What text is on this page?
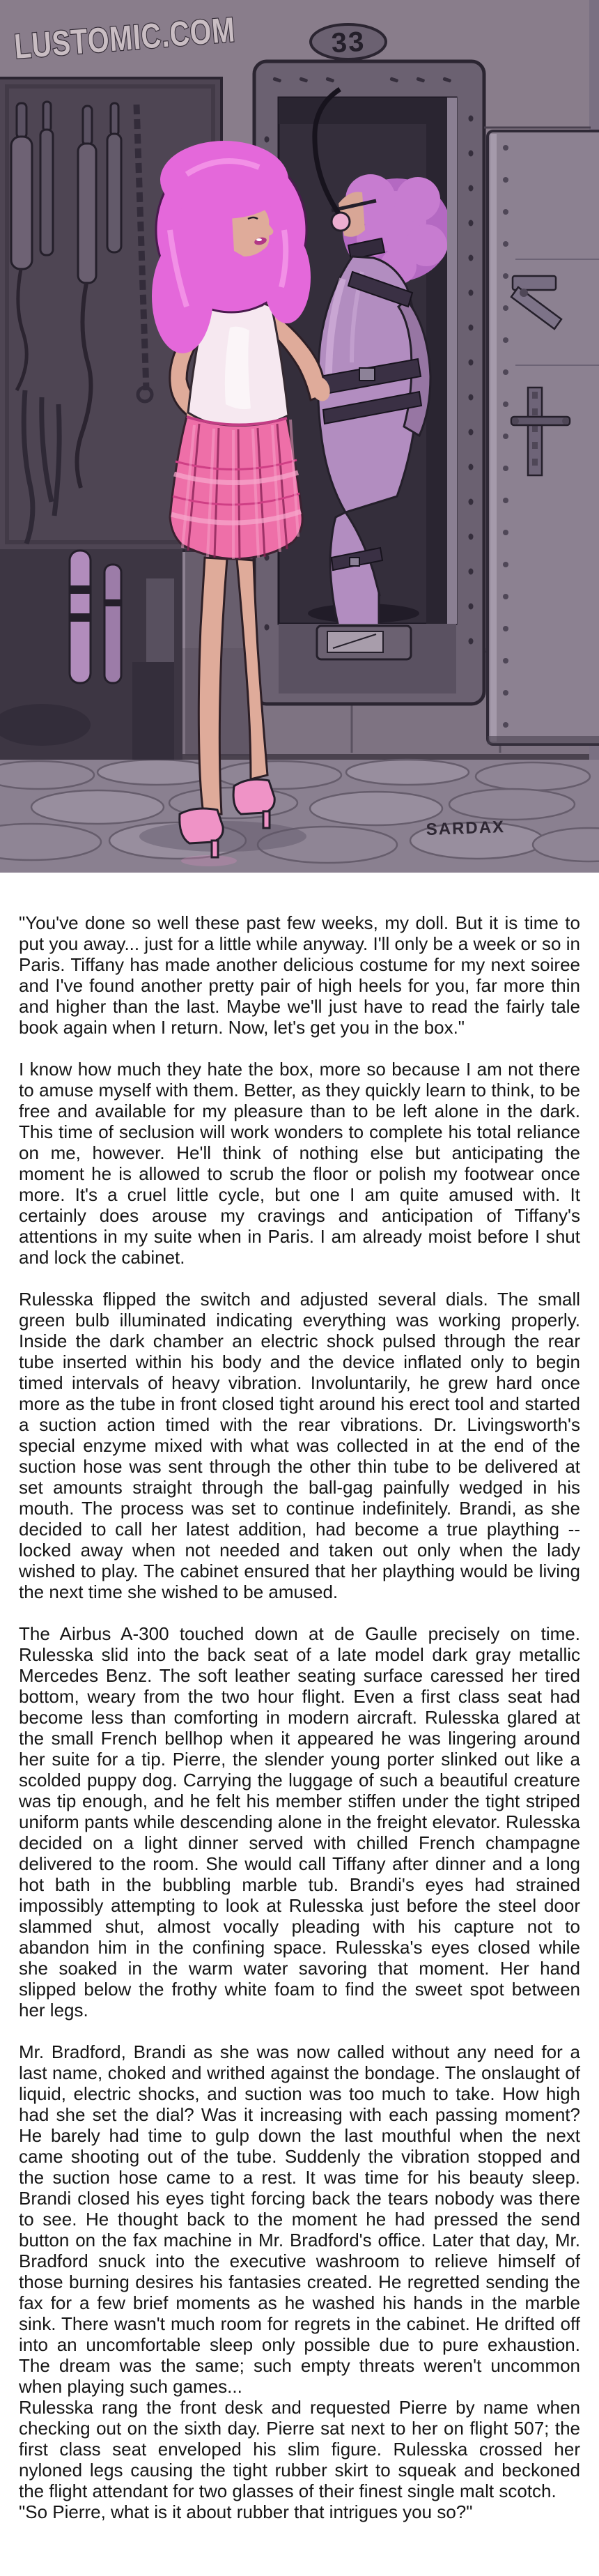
SARDAX
33
LUSTOMIC.COM

"You've done so well these past few weeks, my doll. But it is time to put you away... just for a little while anyway. I'll only be a week or so in Paris. Tiffany has made another delicious costume for my next soiree and I've found another pretty pair of high heels for you, far more thin and higher than the last. Maybe we'll just have to read the fairly tale book again when I return. Now, let's get you in the box."

I know how much they hate the box, more so because I am not there to amuse myself with them. Better, as they quickly learn to think, to be free and available for my pleasure than to be left alone in the dark. This time of seclusion will work wonders to complete his total reliance on me, however. He'll think of nothing else but anticipating the moment he is allowed to scrub the floor or polish my footwear once more. It's a cruel little cycle, but one I am quite amused with. It certainly does arouse my cravings and anticipation of Tiffany's attentions in my suite when in Paris. I am already moist before I shut and lock the cabinet.

Rulesska flipped the switch and adjusted several dials. The small green bulb illuminated indicating everything was working properly. Inside the dark chamber an electric shock pulsed through the rear tube inserted within his body and the device inflated only to begin timed intervals of heavy vibration. Involuntarily, he grew hard once more as the tube in front closed tight around his erect tool and started a suction action timed with the rear vibrations. Dr. Livingsworth's special enzyme mixed with what was collected in at the end of the suction hose was sent through the other thin tube to be delivered at set amounts straight through the ball-gag painfully wedged in his mouth. The process was set to continue indefinitely. Brandi, as she decided to call her latest addition, had become a true plaything -- locked away when not needed and taken out only when the lady wished to play. The cabinet ensured that her plaything would be living the next time she wished to be amused.

The Airbus A-300 touched down at de Gaulle precisely on time. Rulesska slid into the back seat of a late model dark gray metallic Mercedes Benz. The soft leather seating surface caressed her tired bottom, weary from the two hour flight. Even a first class seat had become less than comforting in modern aircraft. Rulesska glared at the small French bellhop when it appeared he was lingering around her suite for a tip. Pierre, the slender young porter slinked out like a scolded puppy dog. Carrying the luggage of such a beautiful creature was tip enough, and he felt his member stiffen under the tight striped uniform pants while descending alone in the freight elevator. Rulesska decided on a light dinner served with chilled French champagne delivered to the room. She would call Tiffany after dinner and a long hot bath in the bubbling marble tub. Brandi's eyes had strained impossibly attempting to look at Rulesska just before the steel door slammed shut, almost vocally pleading with his capture not to abandon him in the confining space. Rulesska's eyes closed while she soaked in the warm water savoring that moment. Her hand slipped below the frothy white foam to find the sweet spot between her legs.

Mr. Bradford, Brandi as she was now called without any need for a last name, choked and writhed against the bondage. The onslaught of liquid, electric shocks, and suction was too much to take. How high had she set the dial? Was it increasing with each passing moment? He barely had time to gulp down the last mouthful when the next came shooting out of the tube. Suddenly the vibration stopped and the suction hose came to a rest. It was time for his beauty sleep. Brandi closed his eyes tight forcing back the tears nobody was there to see. He thought back to the moment he had pressed the send button on the fax machine in Mr. Bradford's office. Later that day, Mr. Bradford snuck into the executive washroom to relieve himself of those burning desires his fantasies created. He regretted sending the fax for a few brief moments as he washed his hands in the marble sink. There wasn't much room for regrets in the cabinet. He drifted off into an uncomfortable sleep only possible due to pure exhaustion. The dream was the same; such empty threats weren't uncommon when playing such games...

Rulesska rang the front desk and requested Pierre by name when checking out on the sixth day. Pierre sat next to her on flight 507; the first class seat enveloped his slim figure. Rulesska crossed her nyloned legs causing the tight rubber skirt to squeak and beckoned the flight attendant for two glasses of their finest single malt scotch.

"So Pierre, what is it about rubber that intrigues you so?"
